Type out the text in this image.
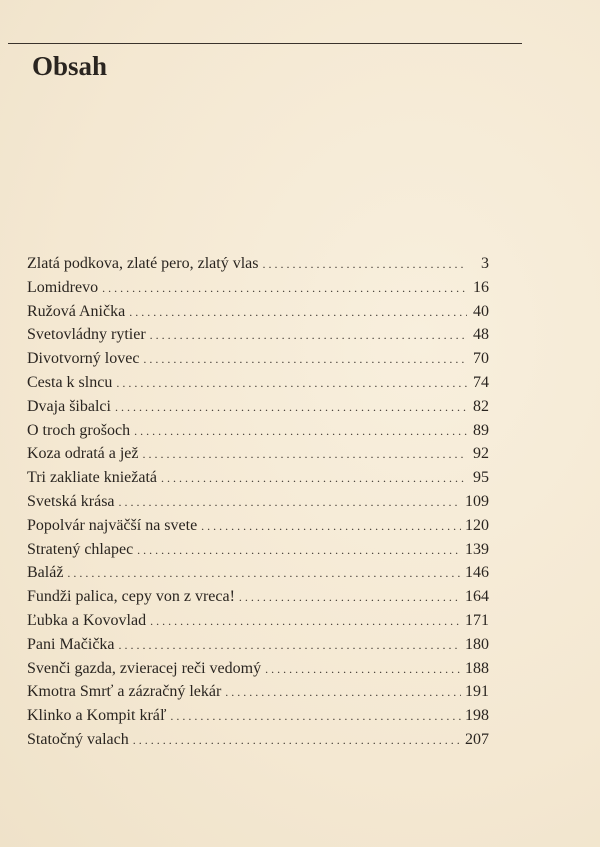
Obsah
Zlatá podkova, zlaté pero, zlatý vlas . . .	3
Lomidrevo . . .	16
Ružová Anička . . .	40
Svetovládny rytier . . .	48
Divotvorný lovec . . .	70
Cesta k slncu . . .	74
Dvaja šibalci . . .	82
O troch grošoch . . .	89
Koza odratá a jež . . .	92
Tri zakliate kniežatá . . .	95
Svetská krása . . .	109
Popolvár najväčší na svete . . .	120
Stratený chlapec . . .	139
Baláž . . .	146
Fundži palica, cepy von z vreca! . . .	164
Ľubka a Kovovlad . . .	171
Pani Mačička . . .	180
Svenči gazda, zvieracej reči vedomý . . .	188
Kmotra Smrť a zázračný lekár . . .	191
Klinko a Kompit kráľ . . .	198
Statočný valach . . .	207
